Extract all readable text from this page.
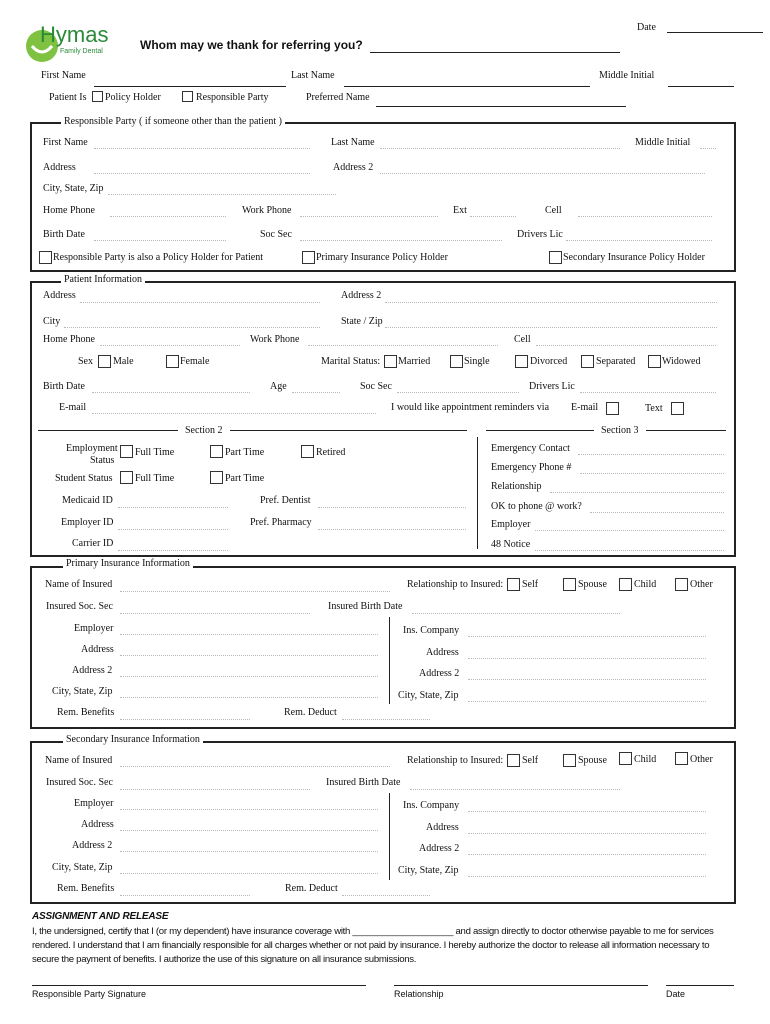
Hymas
Family Dental
Date
Whom may we thank for referring you?
First Name	Last Name	Middle Initial
Patient Is Policy Holder	Responsible Party	Preferred Name
Responsible Party ( if someone other than the patient )
First Name	Last Name	Middle Initial
Address	Address 2
City, State, Zip
Home Phone	Work Phone	Ext	Cell
Birth Date	Soc Sec	Drivers Lic
Responsible Party is also a Policy Holder for Patient	Primary Insurance Policy Holder	Secondary Insurance Policy Holder
Patient Information
Address	Address 2
City	State / Zip
Home Phone	Work Phone	Cell
Sex Male	Female	Marital Status: Married	Single	Divorced	Separated	Widowed
Birth Date	Age	Soc Sec	Drivers Lic
E-mail	I would like appointment reminders via E-mail	Text
Section 2	Section 3
Employment
Status
Full Time	Part Time	Retired
Student Status Full Time	Part Time
Medicaid ID	Pref. Dentist
Employer ID	Pref. Pharmacy
Carrier ID
Emergency Contact
Emergency Phone #
Relationship
OK to phone @ work?
Employer
48 Notice
Primary Insurance Information
Name of Insured	Relationship to Insured: Self	Spouse	Child	Other
Insured Soc. Sec	Insured Birth Date
Employer
Address
Address 2
City, State, Zip
Rem. Benefits	Rem. Deduct
Ins. Company
Address
Address 2
City, State, Zip
Secondary Insurance Information
Name of Insured	Relationship to Insured: Self	Spouse	Child	Other
Insured Soc. Sec	Insured Birth Date
Employer
Address
Address 2
City, State, Zip
Rem. Benefits	Rem. Deduct
Ins. Company
Address
Address 2
City, State, Zip
ASSIGNMENT AND RELEASE
I, the undersigned, certify that I (or my dependent) have insurance coverage with ____________________ and assign directly to doctor otherwise payable to me for services rendered. I understand that I am financially responsible for all charges whether or not paid by insurance. I hereby authorize the doctor to release all information necessary to secure the payment of benefits. I authorize the use of this signature on all insurance submissions.
Responsible Party Signature	Relationship	Date
